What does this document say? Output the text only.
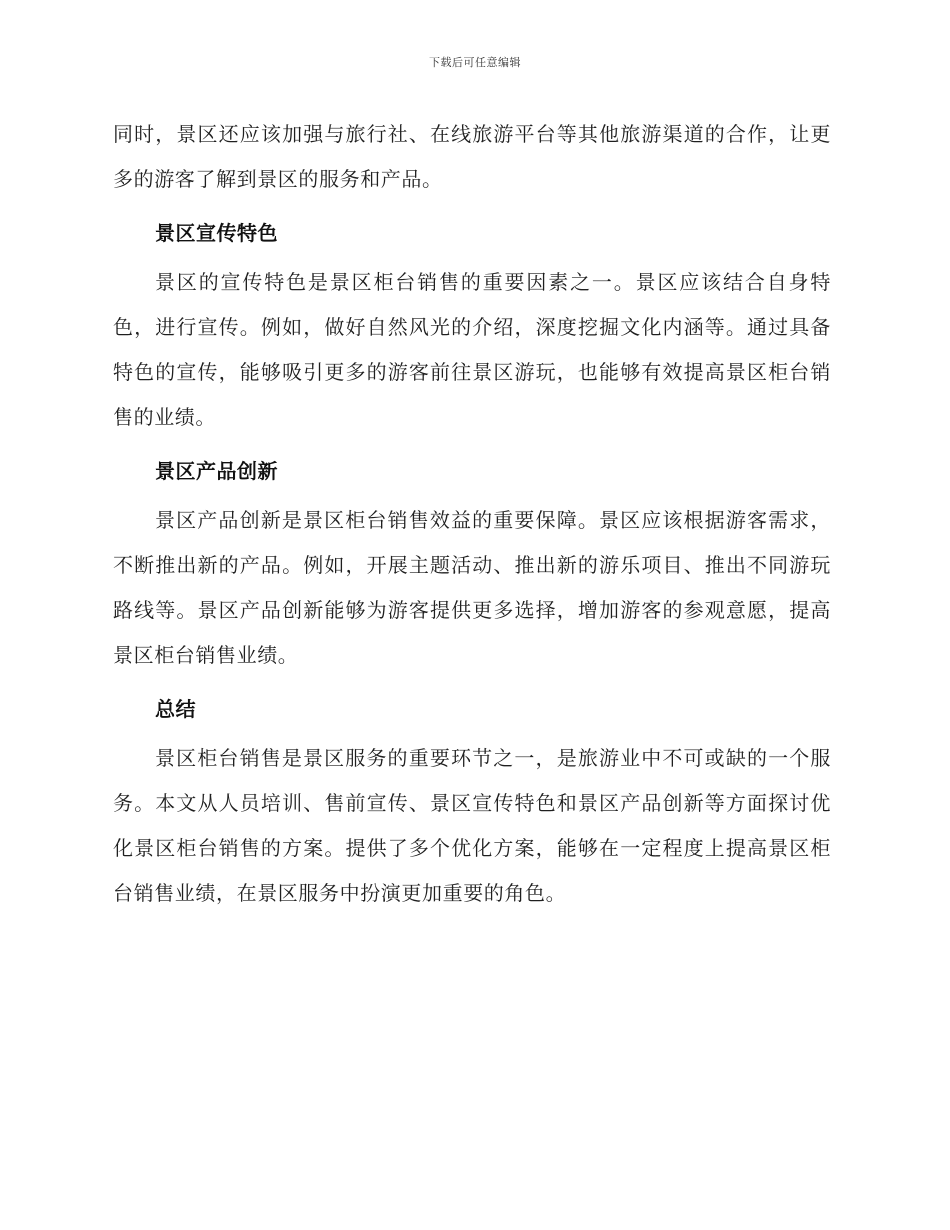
下载后可任意编辑

同时，景区还应该加强与旅行社、在线旅游平台等其他旅游渠道的合作，让更多的游客了解到景区的服务和产品。

景区宣传特色

景区的宣传特色是景区柜台销售的重要因素之一。景区应该结合自身特色，进行宣传。例如，做好自然风光的介绍，深度挖掘文化内涵等。通过具备特色的宣传，能够吸引更多的游客前往景区游玩，也能够有效提高景区柜台销售的业绩。

景区产品创新

景区产品创新是景区柜台销售效益的重要保障。景区应该根据游客需求，不断推出新的产品。例如，开展主题活动、推出新的游乐项目、推出不同游玩路线等。景区产品创新能够为游客提供更多选择，增加游客的参观意愿，提高景区柜台销售业绩。

总结

景区柜台销售是景区服务的重要环节之一，是旅游业中不可或缺的一个服务。本文从人员培训、售前宣传、景区宣传特色和景区产品创新等方面探讨优化景区柜台销售的方案。提供了多个优化方案，能够在一定程度上提高景区柜台销售业绩，在景区服务中扮演更加重要的角色。
